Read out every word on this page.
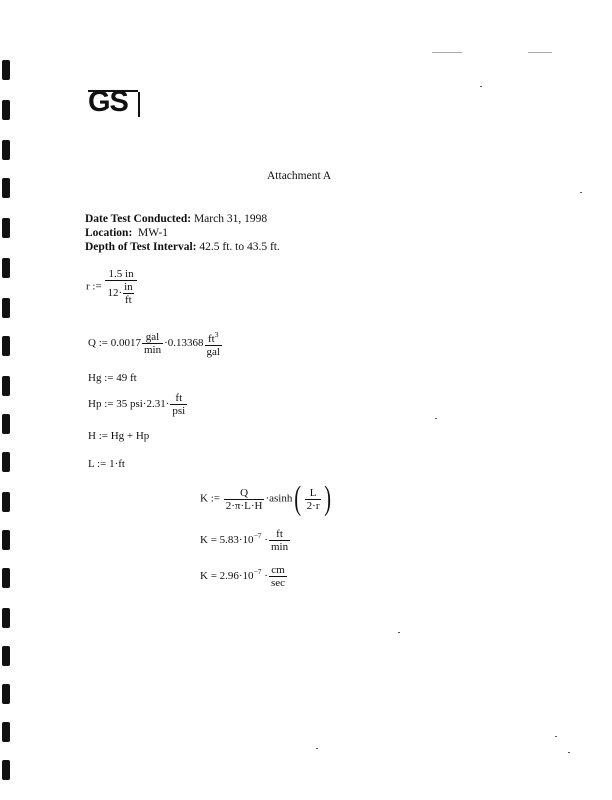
GS
Attachment A
Date Test Conducted: March 31, 1998
Location: MW-1
Depth of Test Interval: 42.5 ft. to 43.5 ft.
r := $\frac{1.5 in}{12\cdot \frac{in}{ft}}$
Q := $0.0017 \frac{\text{gal}}{\min} \cdot 0.13368 \frac{ft^3}{\text{gal}}$
Hg := 49 ft
Hp := 35 $psi\cdot 2.31\cdot \frac{ft}{\text{psi}}$
H := Hg + Hp
L := 1·ft
K := $\frac{Q}{2\cdot\pi\cdot L\cdot H} \cdot asinh( \frac{L}{2\cdot r}$ )
$K = 5.83\cdot 10^{-7} \cdot \frac{ft}{\min}$
$K = 2.96\cdot 10^{-7} \cdot \frac{cm}{\sec}$
